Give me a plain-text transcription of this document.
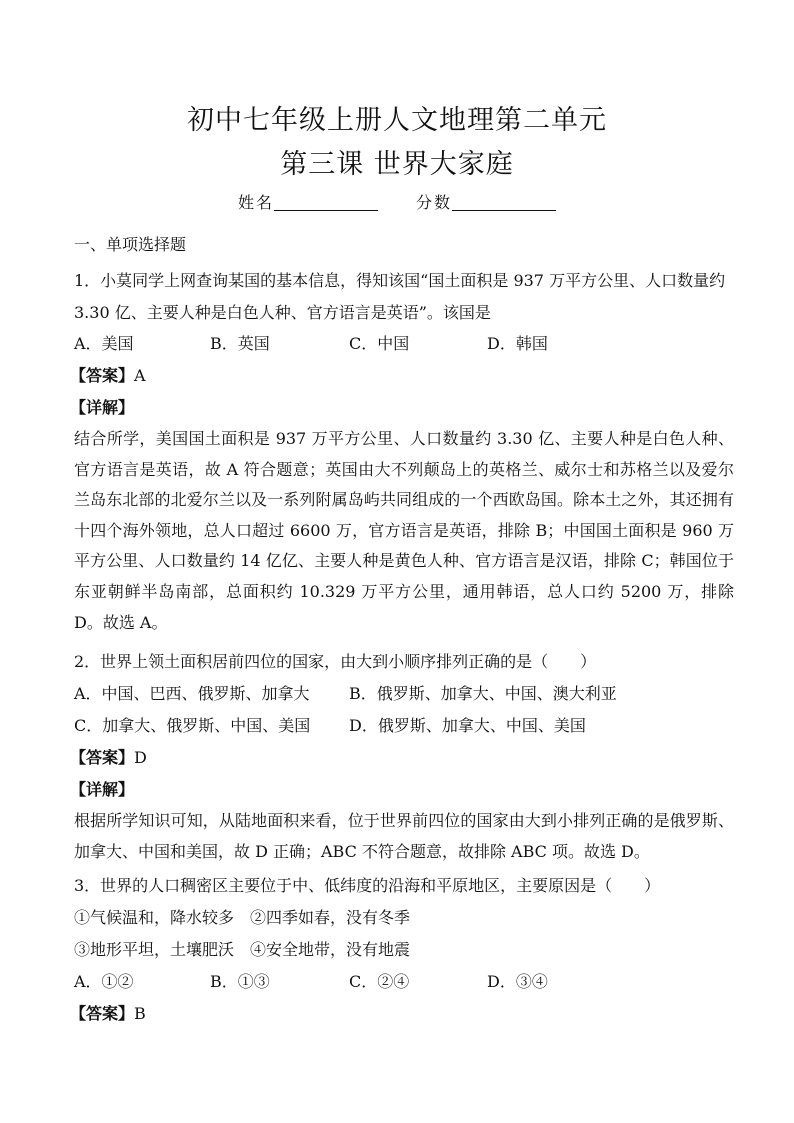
初中七年级上册人文地理第二单元
第三课 世界大家庭
姓名	分数
一、单项选择题
1．小莫同学上网查询某国的基本信息，得知该国“国土面积是 937 万平方公里、人口数量约
3.30 亿、主要人种是白色人种、官方语言是英语”。该国是
A．美国	B．英国	C．中国	D．韩国
【答案】A
【详解】
结合所学，美国国土面积是 937 万平方公里、人口数量约 3.30 亿、主要人种是白色人种、官方语言是英语，故 A 符合题意；英国由大不列颠岛上的英格兰、威尔士和苏格兰以及爱尔兰岛东北部的北爱尔兰以及一系列附属岛屿共同组成的一个西欧岛国。除本土之外，其还拥有十四个海外领地，总人口超过 6600 万，官方语言是英语，排除 B；中国国土面积是 960 万平方公里、人口数量约 14 亿亿、主要人种是黄色人种、官方语言是汉语，排除 C；韩国位于东亚朝鲜半岛南部，总面积约 10.329 万平方公里，通用韩语，总人口约 5200 万，排除 D。故选 A。
2．世界上领土面积居前四位的国家，由大到小顺序排列正确的是（　　）
A．中国、巴西、俄罗斯、加拿大 B．俄罗斯、加拿大、中国、澳大利亚
C．加拿大、俄罗斯、中国、美国 D．俄罗斯、加拿大、中国、美国
【答案】D
【详解】
根据所学知识可知，从陆地面积来看，位于世界前四位的国家由大到小排列正确的是俄罗斯、加拿大、中国和美国，故 D 正确；ABC 不符合题意，故排除 ABC 项。故选 D。
3．世界的人口稠密区主要位于中、低纬度的沿海和平原地区，主要原因是（　　）
①气候温和，降水较多　②四季如春，没有冬季
③地形平坦，土壤肥沃　④安全地带，没有地震
A．①②	B．①③	C．②④	D．③④
【答案】B
